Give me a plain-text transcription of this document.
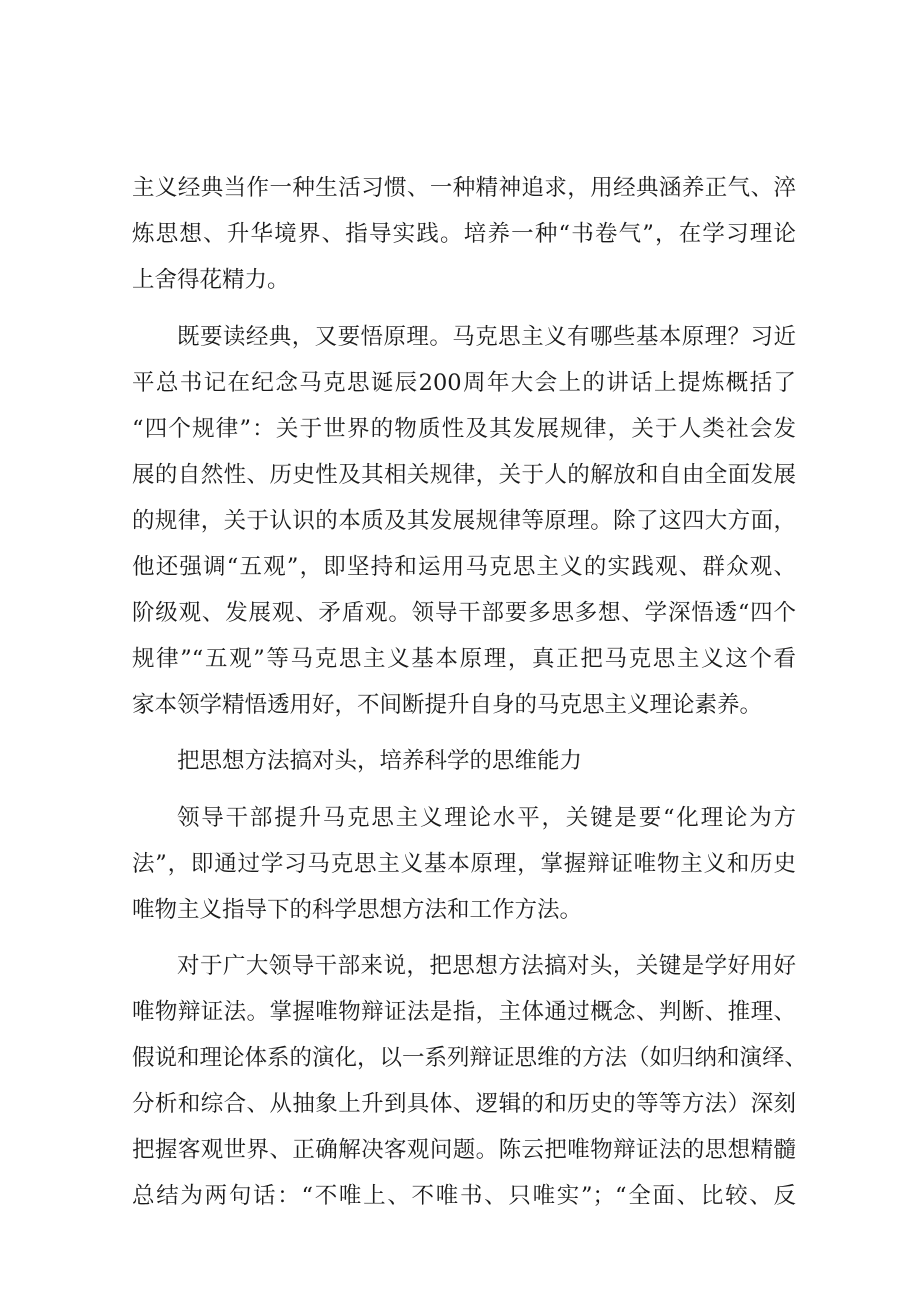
主义经典当作一种生活习惯、一种精神追求，用经典涵养正气、淬
炼思想、升华境界、指导实践。培养一种“书卷气”，在学习理论
上舍得花精力。
既要读经典，又要悟原理。马克思主义有哪些基本原理？习近
平总书记在纪念马克思诞辰200周年大会上的讲话上提炼概括了
“四个规律”：关于世界的物质性及其发展规律，关于人类社会发
展的自然性、历史性及其相关规律，关于人的解放和自由全面发展
的规律，关于认识的本质及其发展规律等原理。除了这四大方面，
他还强调“五观”，即坚持和运用马克思主义的实践观、群众观、
阶级观、发展观、矛盾观。领导干部要多思多想、学深悟透“四个
规律”“五观”等马克思主义基本原理，真正把马克思主义这个看
家本领学精悟透用好，不间断提升自身的马克思主义理论素养。
把思想方法搞对头，培养科学的思维能力
领导干部提升马克思主义理论水平，关键是要“化理论为方
法”，即通过学习马克思主义基本原理，掌握辩证唯物主义和历史
唯物主义指导下的科学思想方法和工作方法。
对于广大领导干部来说，把思想方法搞对头，关键是学好用好
唯物辩证法。掌握唯物辩证法是指，主体通过概念、判断、推理、
假说和理论体系的演化，以一系列辩证思维的方法（如归纳和演绎、
分析和综合、从抽象上升到具体、逻辑的和历史的等等方法）深刻
把握客观世界、正确解决客观问题。陈云把唯物辩证法的思想精髓
总结为两句话：“不唯上、不唯书、只唯实”；“全面、比较、反
